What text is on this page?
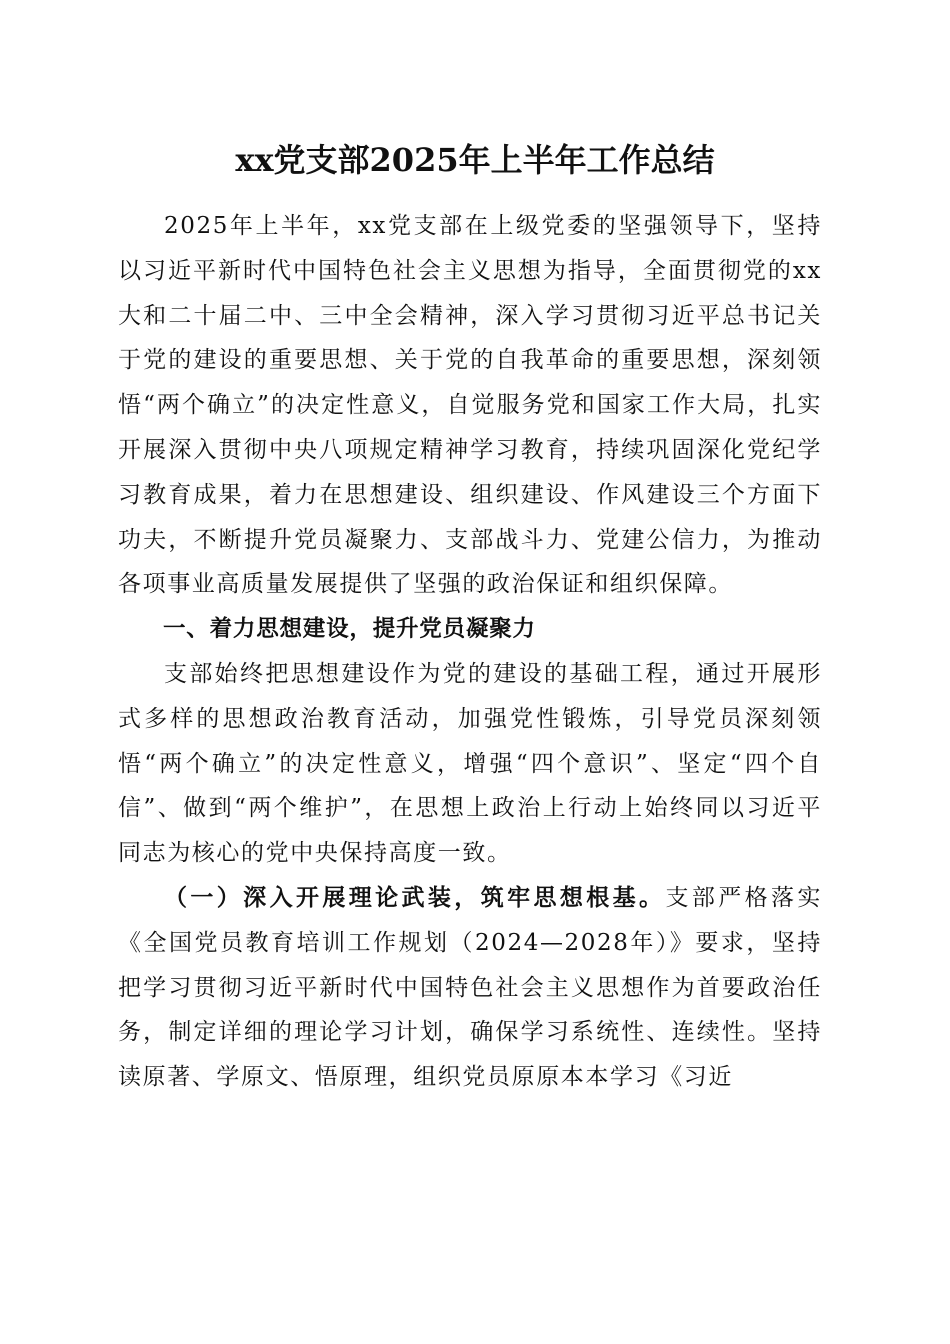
xx党支部2025年上半年工作总结

2025年上半年，xx党支部在上级党委的坚强领导下，坚持以习近平新时代中国特色社会主义思想为指导，全面贯彻党的xx大和二十届二中、三中全会精神，深入学习贯彻习近平总书记关于党的建设的重要思想、关于党的自我革命的重要思想，深刻领悟“两个确立”的决定性意义，自觉服务党和国家工作大局，扎实开展深入贯彻中央八项规定精神学习教育，持续巩固深化党纪学习教育成果，着力在思想建设、组织建设、作风建设三个方面下功夫，不断提升党员凝聚力、支部战斗力、党建公信力，为推动各项事业高质量发展提供了坚强的政治保证和组织保障。

一、着力思想建设，提升党员凝聚力

支部始终把思想建设作为党的建设的基础工程，通过开展形式多样的思想政治教育活动，加强党性锻炼，引导党员深刻领悟“两个确立”的决定性意义，增强“四个意识”、坚定“四个自信”、做到“两个维护”，在思想上政治上行动上始终同以习近平同志为核心的党中央保持高度一致。

（一）深入开展理论武装，筑牢思想根基。支部严格落实《全国党员教育培训工作规划（2024—2028年）》要求，坚持把学习贯彻习近平新时代中国特色社会主义思想作为首要政治任务，制定详细的理论学习计划，确保学习系统性、连续性。坚持读原著、学原文、悟原理，组织党员原原本本学习《习近
